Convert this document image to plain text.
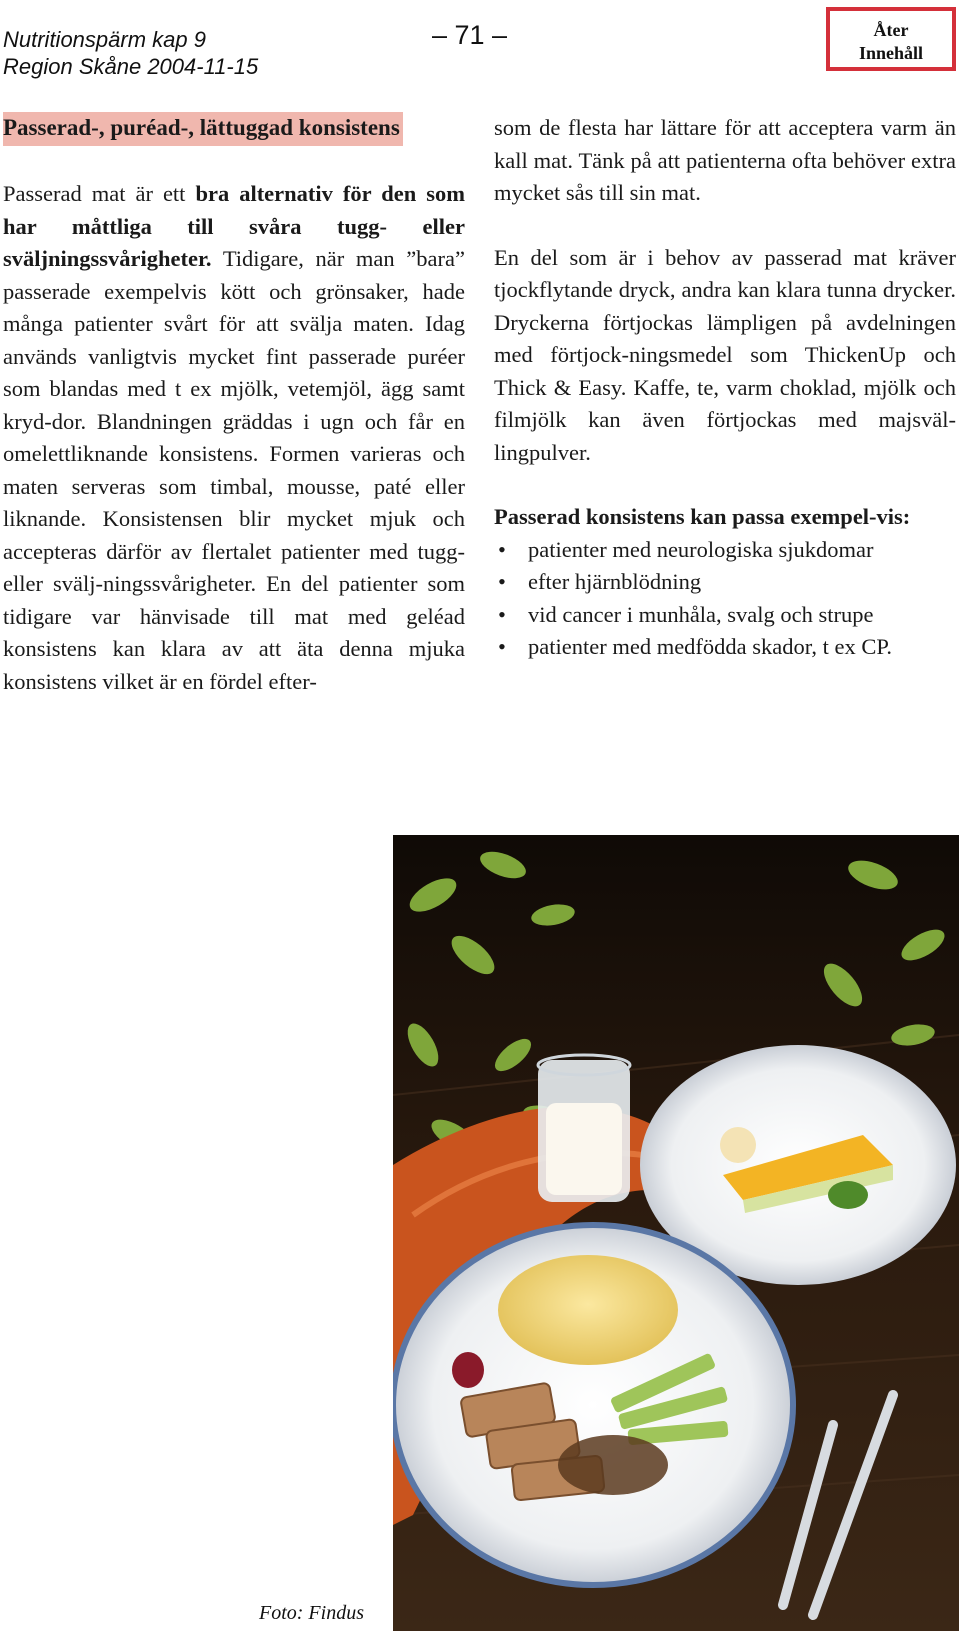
Nutritionspärm kap 9
Region Skåne 2004-11-15
– 71 –	Åter
Innehåll
Passerad-, puréad-, lättuggad konsistens

Passerad mat är ett bra alternativ för den som har måttliga till svåra tugg- eller sväljningssvårigheter. Tidigare, när man ”bara” passerade exempelvis kött och grönsaker, hade många patienter svårt för att svälja maten. Idag används vanligtvis mycket fint passerade puréer som blandas med t ex mjölk, vetemjöl, ägg samt kryd-dor. Blandningen gräddas i ugn och får en omelettliknande konsistens. Formen varieras och maten serveras som timbal, mousse, paté eller liknande. Konsistensen blir mycket mjuk och accepteras därför av flertalet patienter med tugg- eller svälj-ningssvårigheter. En del patienter som tidigare var hänvisade till mat med geléad konsistens kan klara av att äta denna mjuka konsistens vilket är en fördel efter-

som de flesta har lättare för att acceptera varm än kall mat. Tänk på att patienterna ofta behöver extra mycket sås till sin mat.

En del som är i behov av passerad mat kräver tjockflytande dryck, andra kan klara tunna drycker. Dryckerna förtjockas lämpligen på avdelningen med förtjock-ningsmedel som ThickenUp och Thick & Easy. Kaffe, te, varm choklad, mjölk och filmjölk kan även förtjockas med majsväl-lingpulver.

Passerad konsistens kan passa exempel-vis:
• patienter med neurologiska sjukdomar
• efter hjärnblödning
• vid cancer i munhåla, svalg och strupe
• patienter med medfödda skador, t ex CP.
Foto: Findus
